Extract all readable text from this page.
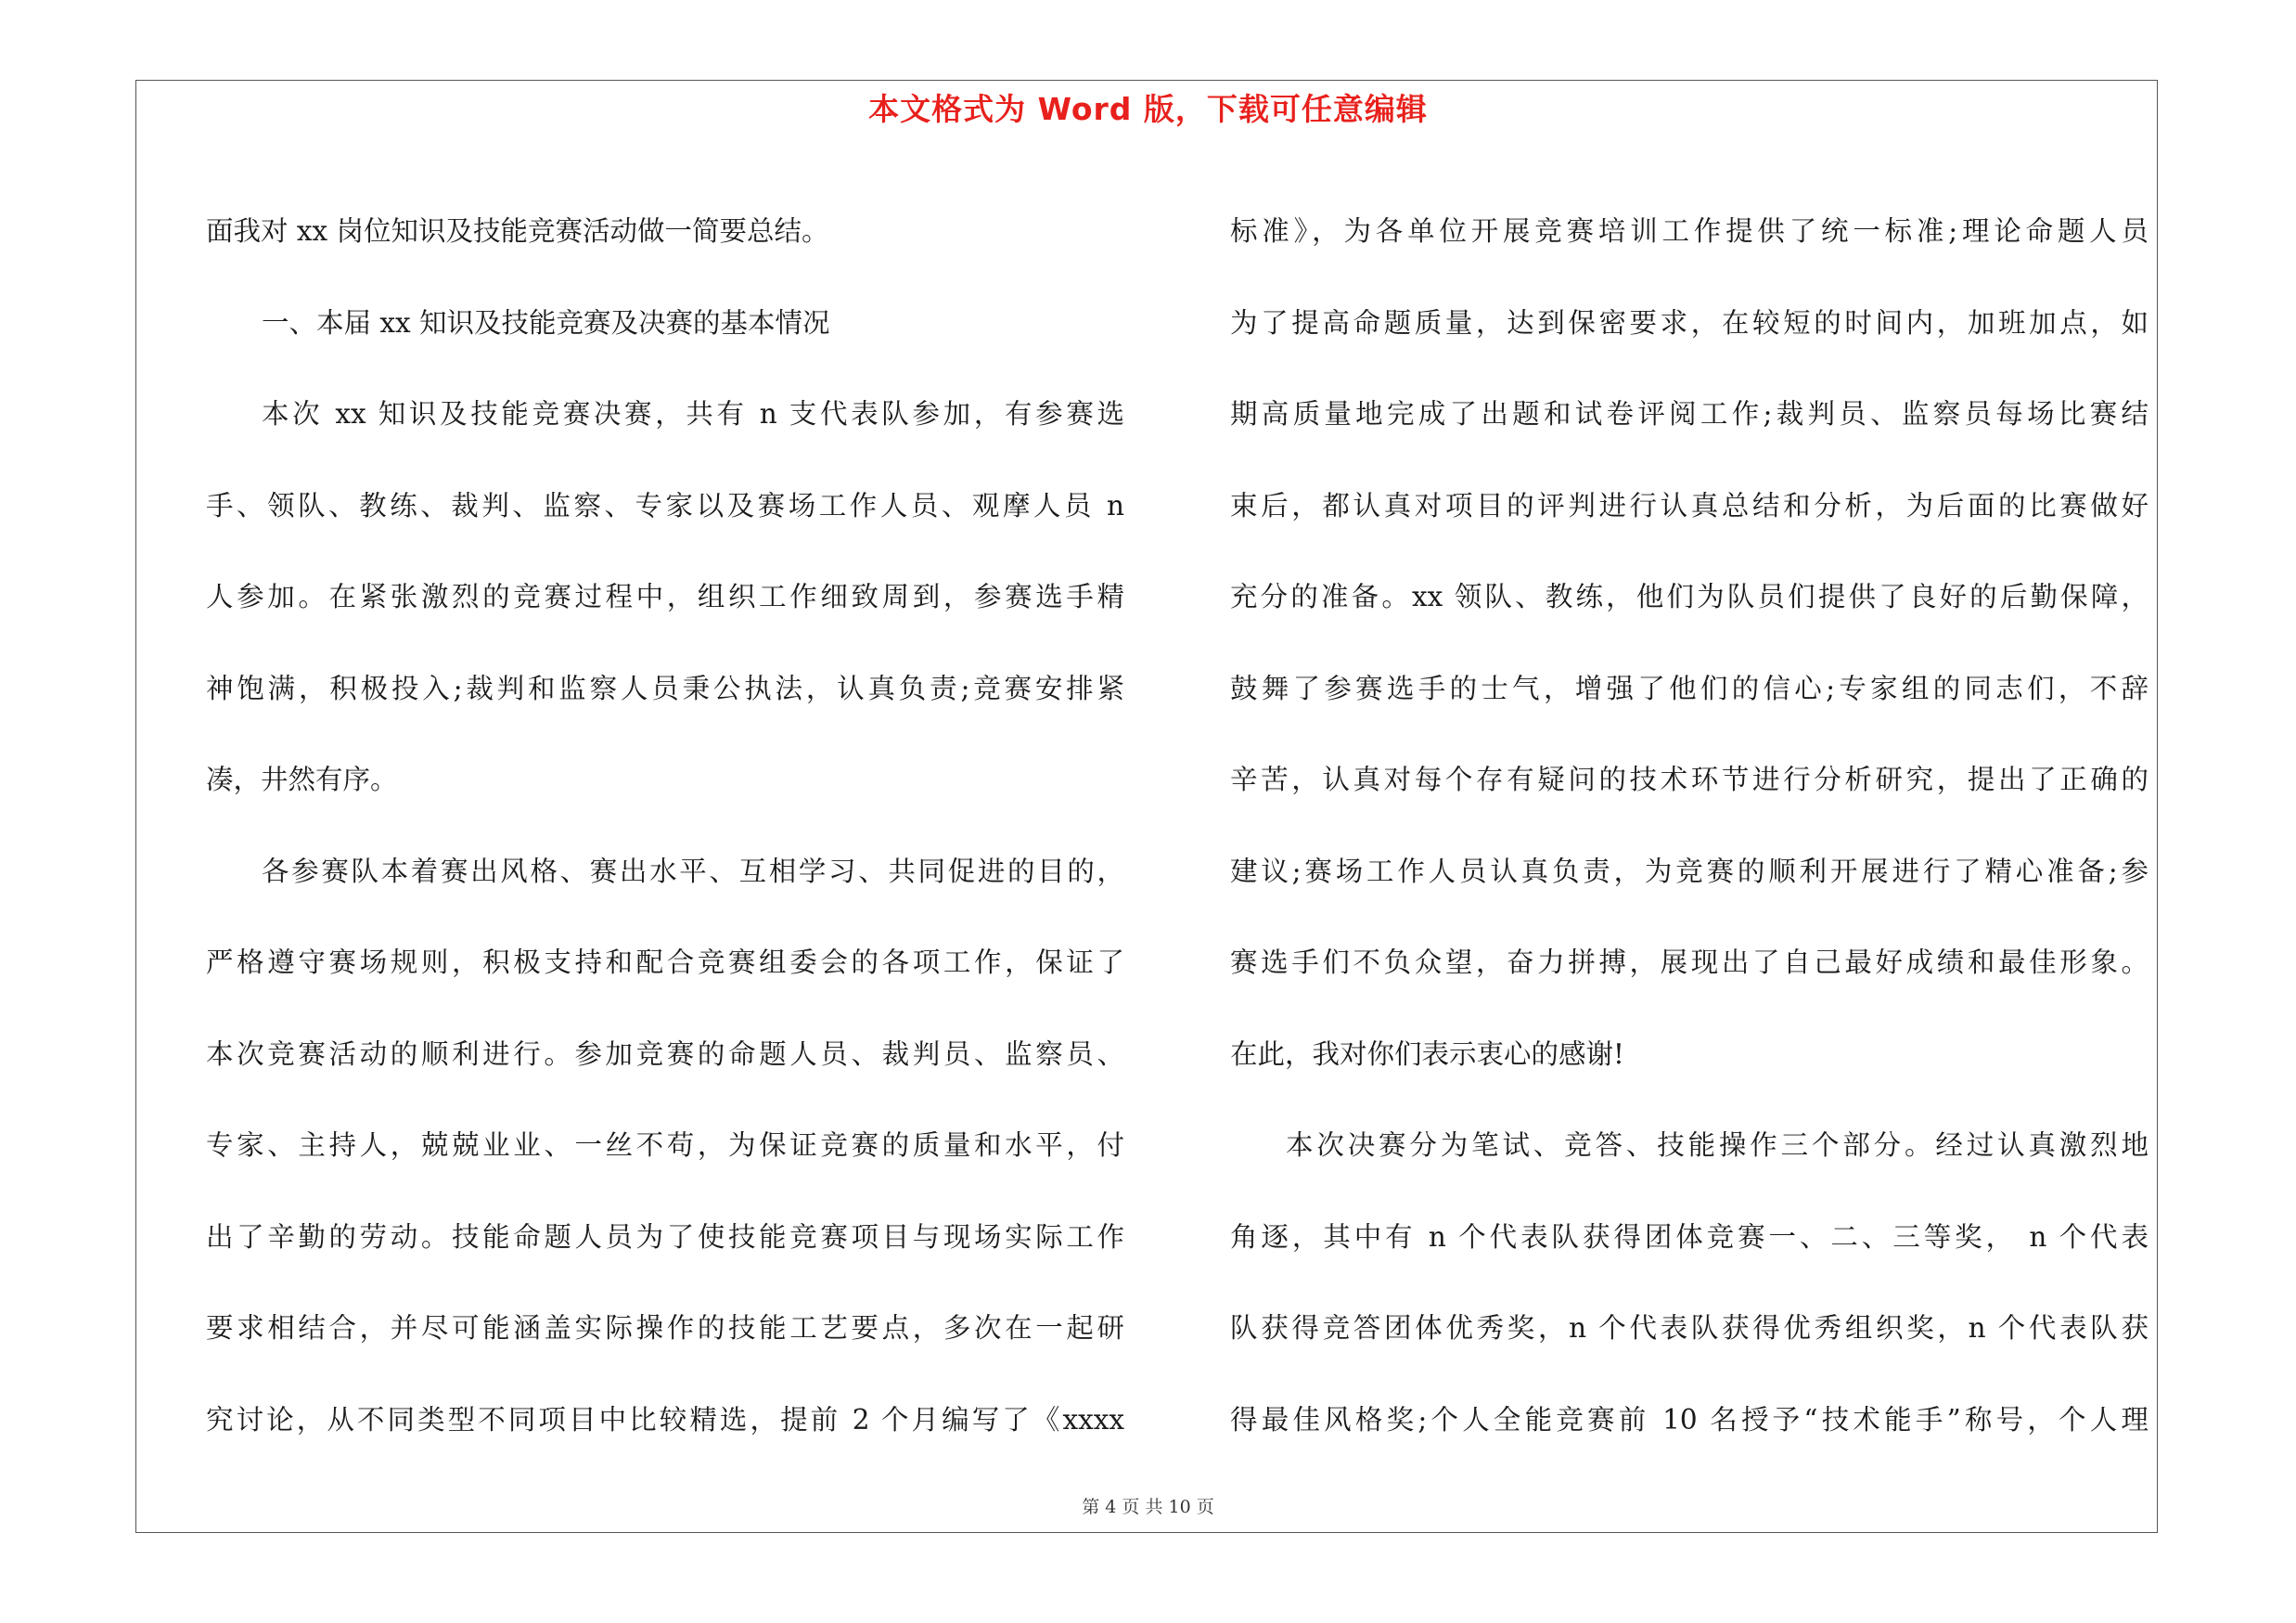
本文格式为 Word 版，下载可任意编辑
面我对 xx 岗位知识及技能竞赛活动做一简要总结。
一、本届 xx 知识及技能竞赛及决赛的基本情况
本次 xx 知识及技能竞赛决赛，共有 n 支代表队参加，有参赛选
手、领队、教练、裁判、监察、专家以及赛场工作人员、观摩人员 n
人参加。在紧张激烈的竞赛过程中，组织工作细致周到，参赛选手精
神饱满，积极投入;裁判和监察人员秉公执法，认真负责;竞赛安排紧
凑，井然有序。
各参赛队本着赛出风格、赛出水平、互相学习、共同促进的目的，
严格遵守赛场规则，积极支持和配合竞赛组委会的各项工作，保证了
本次竞赛活动的顺利进行。参加竞赛的命题人员、裁判员、监察员、
专家、主持人，兢兢业业、一丝不苟，为保证竞赛的质量和水平，付
出了辛勤的劳动。技能命题人员为了使技能竞赛项目与现场实际工作
要求相结合，并尽可能涵盖实际操作的技能工艺要点，多次在一起研
究讨论，从不同类型不同项目中比较精选，提前 2 个月编写了《xxxx
标准》，为各单位开展竞赛培训工作提供了统一标准;理论命题人员
为了提高命题质量，达到保密要求，在较短的时间内，加班加点，如
期高质量地完成了出题和试卷评阅工作;裁判员、监察员每场比赛结
束后，都认真对项目的评判进行认真总结和分析，为后面的比赛做好
充分的准备。xx 领队、教练，他们为队员们提供了良好的后勤保障，
鼓舞了参赛选手的士气，增强了他们的信心;专家组的同志们，不辞
辛苦，认真对每个存有疑问的技术环节进行分析研究，提出了正确的
建议;赛场工作人员认真负责，为竞赛的顺利开展进行了精心准备;参
赛选手们不负众望，奋力拼搏，展现出了自己最好成绩和最佳形象。
在此，我对你们表示衷心的感谢!
本次决赛分为笔试、竞答、技能操作三个部分。经过认真激烈地
角逐，其中有 n 个代表队获得团体竞赛一、二、三等奖， n 个代表
队获得竞答团体优秀奖，n 个代表队获得优秀组织奖，n 个代表队获
得最佳风格奖;个人全能竞赛前 10 名授予“技术能手”称号，个人理
第 4 页 共 10 页
